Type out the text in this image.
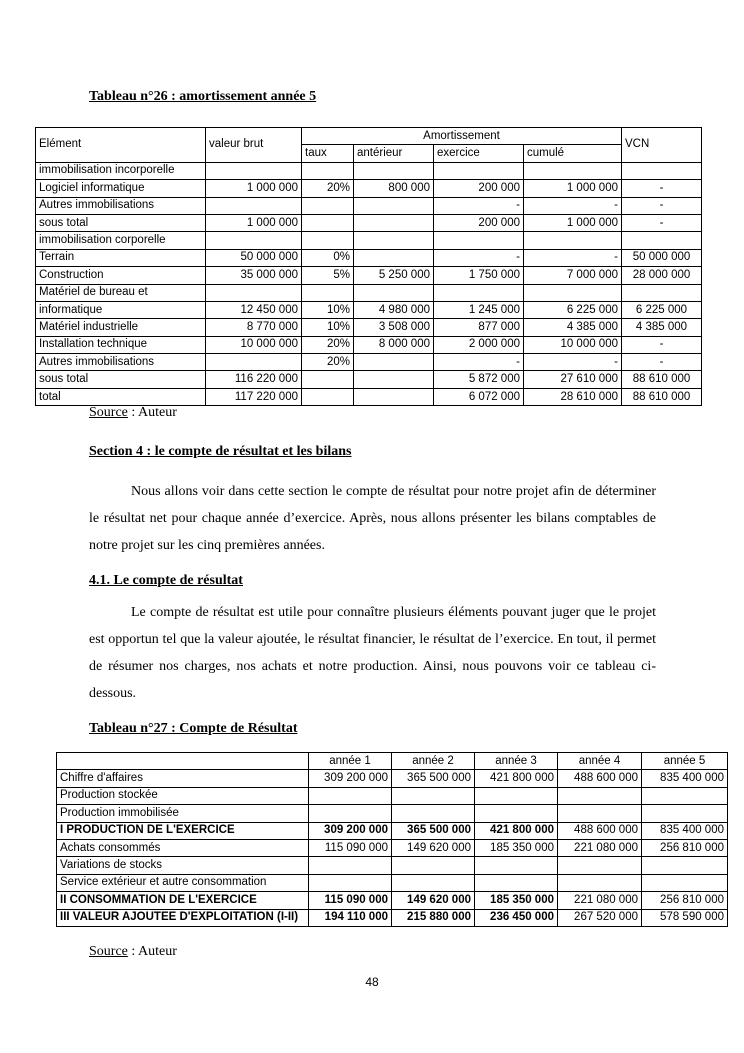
Tableau n°26 : amortissement année 5
Elément	valeur brut	Amortissement				VCN
		taux	antérieur	exercice	cumulé	
immobilisation incorporelle						
Logiciel informatique	1 000 000	20%	800 000	200 000	1 000 000	-
Autres immobilisations				-	-	-
sous total	1 000 000			200 000	1 000 000	-
immobilisation corporelle						
Terrain	50 000 000	0%		-	-	50 000 000
Construction	35 000 000	5%	5 250 000	1 750 000	7 000 000	28 000 000
Matériel de bureau et						
informatique	12 450 000	10%	4 980 000	1 245 000	6 225 000	6 225 000
Matériel industrielle	8 770 000	10%	3 508 000	877 000	4 385 000	4 385 000
Installation technique	10 000 000	20%	8 000 000	2 000 000	10 000 000	-
Autres immobilisations		20%		-	-	-
sous total	116 220 000			5 872 000	27 610 000	88 610 000
total	117 220 000			6 072 000	28 610 000	88 610 000
Source : Auteur
Section 4 : le compte de résultat et les bilans
Nous allons voir dans cette section le compte de résultat pour notre projet afin de déterminer le résultat net pour chaque année d’exercice. Après, nous allons présenter les bilans comptables de notre projet sur les cinq premières années.
4.1. Le compte de résultat
Le compte de résultat est utile pour connaître plusieurs éléments pouvant juger que le projet est opportun tel que la valeur ajoutée, le résultat financier, le résultat de l’exercice. En tout, il permet de résumer nos charges, nos achats et notre production. Ainsi, nous pouvons voir ce tableau ci-dessous.
Tableau n°27 : Compte de Résultat
	année 1	année 2	année 3	année 4	année 5
Chiffre d'affaires	309 200 000	365 500 000	421 800 000	488 600 000	835 400 000
Production stockée					
Production immobilisée					
I PRODUCTION DE L'EXERCICE	309 200 000	365 500 000	421 800 000	488 600 000	835 400 000
Achats consommés	115 090 000	149 620 000	185 350 000	221 080 000	256 810 000
Variations de stocks					
Service extérieur et autre consommation					
II CONSOMMATION DE L'EXERCICE	115 090 000	149 620 000	185 350 000	221 080 000	256 810 000
III VALEUR AJOUTEE D'EXPLOITATION (I-II)	194 110 000	215 880 000	236 450 000	267 520 000	578 590 000
Source : Auteur
48
